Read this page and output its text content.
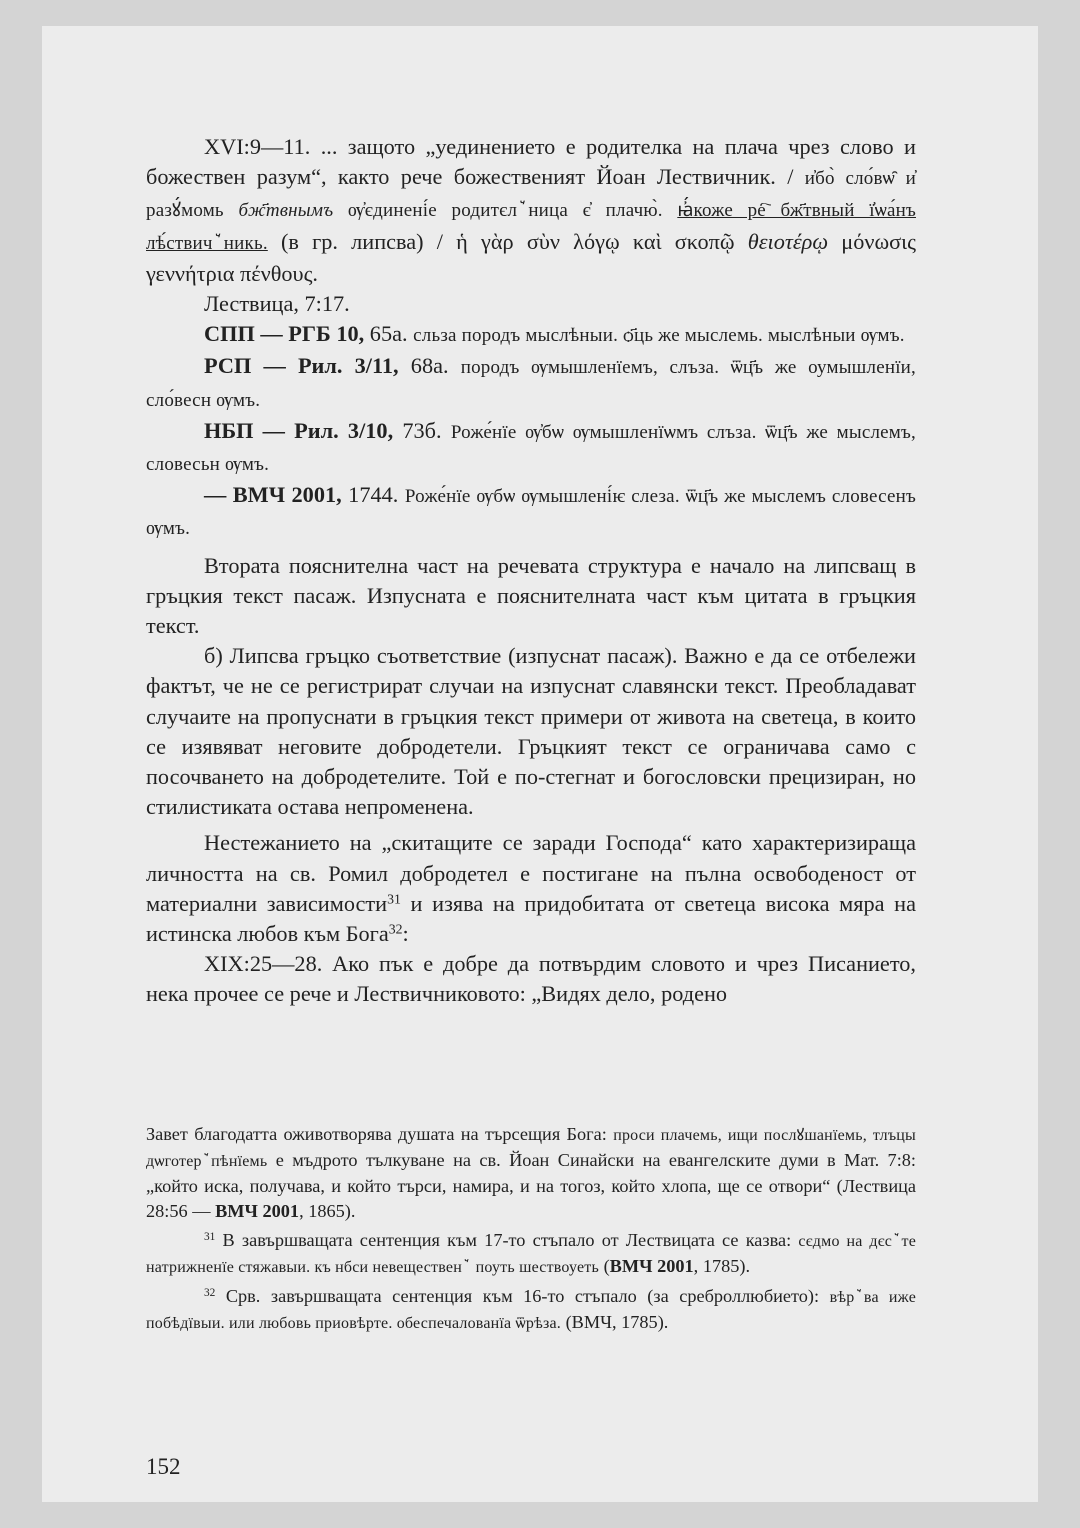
XVI:9—11. ... защото „уединението е родителка на плача чрез слово и божествен разум“, както рече божественият Йоан Лествичник. / и҆бо̀ сло́вѡ̑ и҆ разꙋ́момь бж҃твнымъ ѹ҆єдинені́е родитєлꙿница є҆ плачю̀. ꙗ҆́коже ре҇ бж҃твный ї҆ѡа́нъ лѣ́ствичꙿникь. (в гр. липсва) / ἡ γὰρ σὺν λόγῳ καὶ σκοπῷ θειοτέρῳ μόνωσις γεννήτρια πένθους.

Лествица, 7:17.

СПП — РГБ 10, 65а. сльза породъ мыслѣныи. ѻ҃ць же мыслемь. мыслѣныи ѹмъ.

РСП — Рил. 3/11, 68а. породъ ѹмышленїемъ, слъза. ѿц҃ъ же оумышленїи, сло́весн ѹмъ.

НБП — Рил. 3/10, 73б. Роже́нїе ѹ҆бѡ ѹмышленїѡмъ слъза. ѿц҃ъ же мыслемъ, словесьн ѹмъ.

— ВМЧ 2001, 1744. Роже́нїе ѹбѡ ѹмышлені́ѥ слеза. ѿц҃ъ же мыслемъ словесенъ ѹмъ.

Втората пояснителна част на речевата структура е начало на липсващ в гръцкия текст пасаж. Изпусната е пояснителната част към цитата в гръцкия текст.

б) Липсва гръцко съответствие (изпуснат пасаж). Важно е да се отбележи фактът, че не се регистрират случаи на изпуснат славянски текст. Преобладават случаите на пропуснати в гръцкия текст примери от живота на светеца, в които се изявяват неговите добродетели. Гръцкият текст се ограничава само с посочването на добродетелите. Той е по-стегнат и богословски прецизиран, но стилистиката остава непроменена.

Нестежанието на „скитащите се заради Господа“ като характеризираща личността на св. Ромил добродетел е постигане на пълна освободеност от материални зависимости$^{31}$ и изява на придобитата от светеца висока мяра на истинска любов към Бога$^{32}$:

XIX:25—28. Ако пък е добре да потвърдим словото и чрез Писанието, нека прочее се рече и Лествичниковото: „Видях дело, родено

Завет благодатта оживотворява душата на търсещия Бога: проси плачемь, ищи послꙋшанїемь, тлъцы дѡготерꙿпѣнїемь е мъдрото тълкуване на св. Йоан Синайски на евангелските думи в Мат. 7:8: „който иска, получава, и който търси, намира, и на тогоз, който хлопа, ще се отвори“ (Лествица 28:56 — ВМЧ 2001, 1865).

$^{31}$ В завършващата сентенция към 17-то стъпало от Лествицата се казва: сєдмо на дєсꙿте натрижненїе стяжавыи. къ нбси невещественꙿ поуть шествоуеть (ВМЧ 2001, 1785).

$^{32}$ Срв. завършващата сентенция към 16-то стъпало (за среброллюбието): вѣрꙿва иже побѣдївыи. или любовь приовѣрте. обеспечалованїа ѿрѣза. (ВМЧ, 1785).

152
